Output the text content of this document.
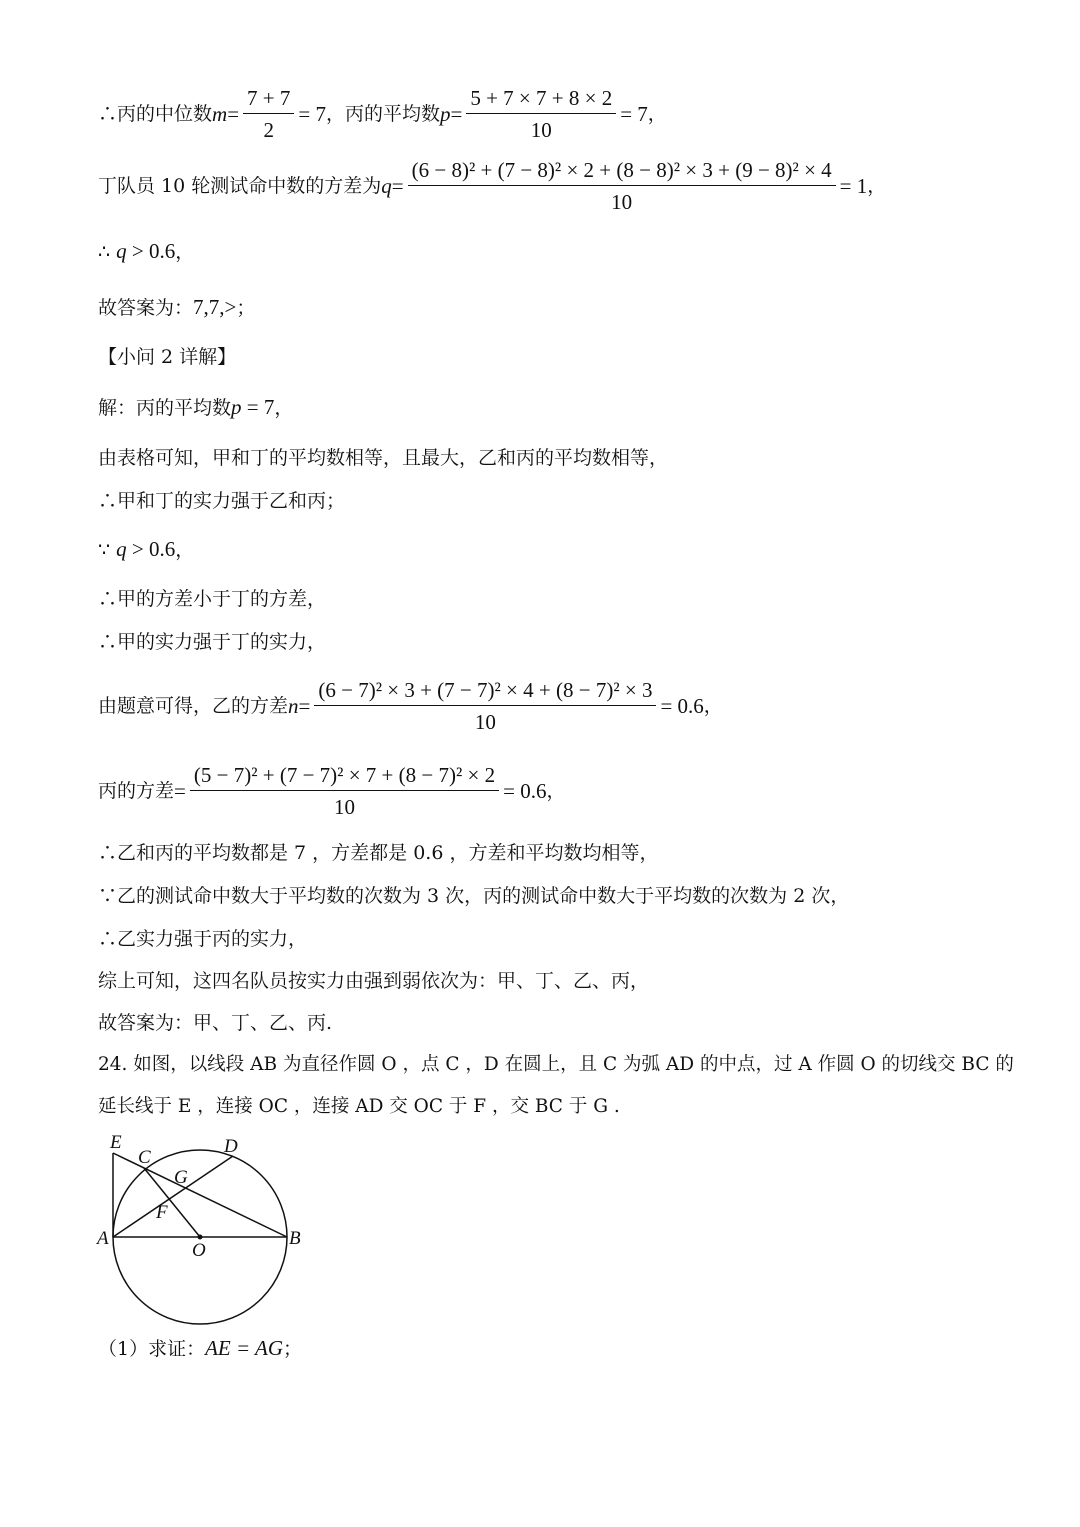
∴丙的中位数 $m = \frac{7 + 7}{2} = 7$ ，丙的平均数 $p = \frac{5 + 7 \times 7 + 8 \times 2}{10} = 7$ ，
丁队员 10 轮测试命中数的方差为 $q = \frac{\text{(6 − 8)² + (7 − 8)² × 2 + (8 − 8)² × 3 + (9 − 8)² × 4}}{10} = 1$ ，
∴ q > 0.6，
故答案为：7,7,>；
【小问 2 详解】
解：丙的平均数p = 7，
由表格可知，甲和丁的平均数相等，且最大，乙和丙的平均数相等，
∴甲和丁的实力强于乙和丙；
∵ q > 0.6，
∴甲的方差小于丁的方差，
∴甲的实力强于丁的实力，
由题意可得，乙的方差 $n = \frac{\text{(6 − 7)² × 3 + (7 − 7)² × 4 + (8 − 7)² × 3}}{10} = 0.6$ ，
丙的方差 = $\frac{\text{(5 − 7)² + (7 − 7)² × 7 + (8 − 7)² × 2}}{10} = 0.6$ ，
∴乙和丙的平均数都是 7 ，方差都是 0.6 ，方差和平均数均相等，
∵乙的测试命中数大于平均数的次数为 3 次，丙的测试命中数大于平均数的次数为 2 次，
∴乙实力强于丙的实力，
综上可知，这四名队员按实力由强到弱依次为：甲、丁、乙、丙，
故答案为：甲、丁、乙、丙.
24. 如图，以线段 AB 为直径作圆 O ，点 C ，D 在圆上，且 C 为弧 AD 的中点，过 A 作圆 O 的切线交 BC 的
延长线于 E ，连接 OC ，连接 AD 交 OC 于 F ，交 BC 于 G .
E
C
D
G
F
A
O
B
（1）求证：AE = AG；
